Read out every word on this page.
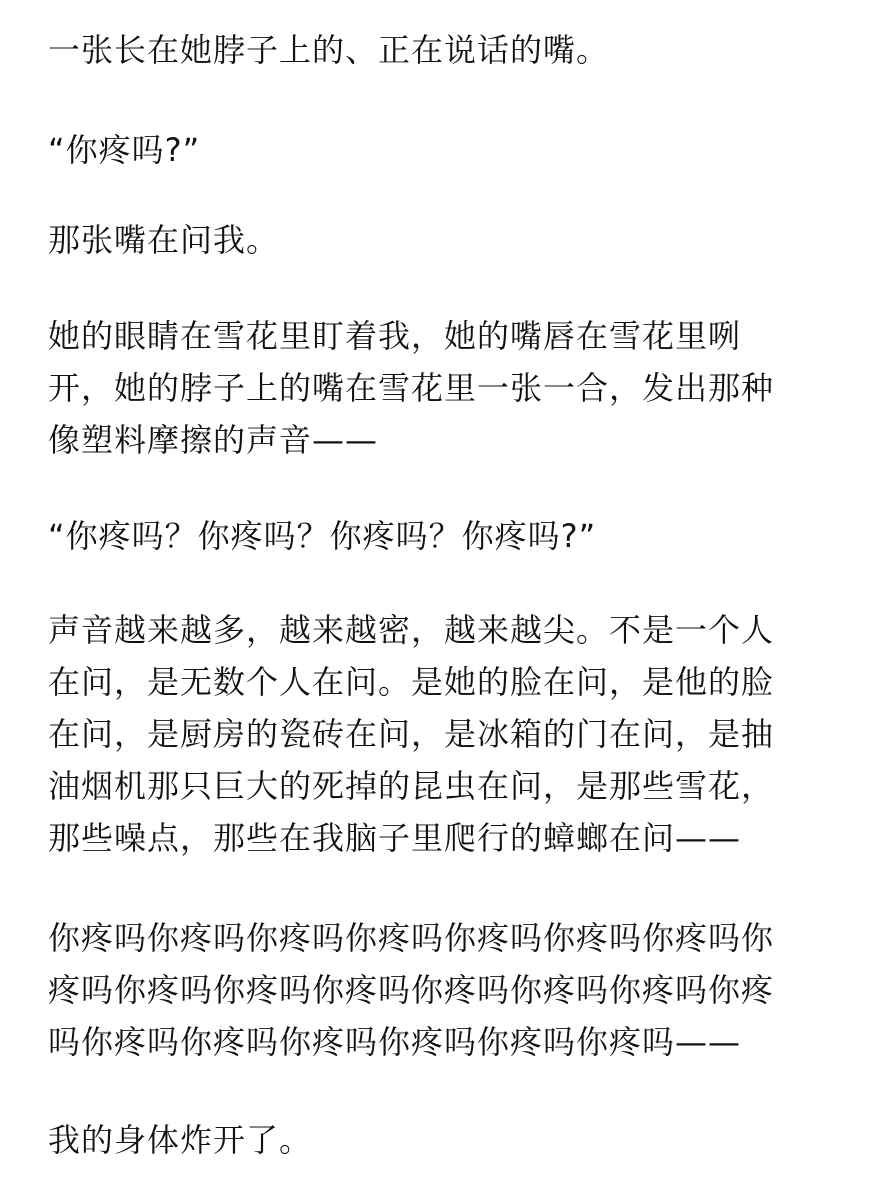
一张长在她脖子上的、正在说话的嘴。

“你疼吗?”

那张嘴在问我。

她的眼睛在雪花里盯着我，她的嘴唇在雪花里咧
开，她的脖子上的嘴在雪花里一张一合，发出那种
像塑料摩擦的声音——

“你疼吗？你疼吗？你疼吗？你疼吗?”

声音越来越多，越来越密，越来越尖。不是一个人
在问，是无数个人在问。是她的脸在问，是他的脸
在问，是厨房的瓷砖在问，是冰箱的门在问，是抽
油烟机那只巨大的死掉的昆虫在问，是那些雪花，
那些噪点，那些在我脑子里爬行的蟑螂在问——

你疼吗你疼吗你疼吗你疼吗你疼吗你疼吗你疼吗你
疼吗你疼吗你疼吗你疼吗你疼吗你疼吗你疼吗你疼
吗你疼吗你疼吗你疼吗你疼吗你疼吗你疼吗——

我的身体炸开了。
